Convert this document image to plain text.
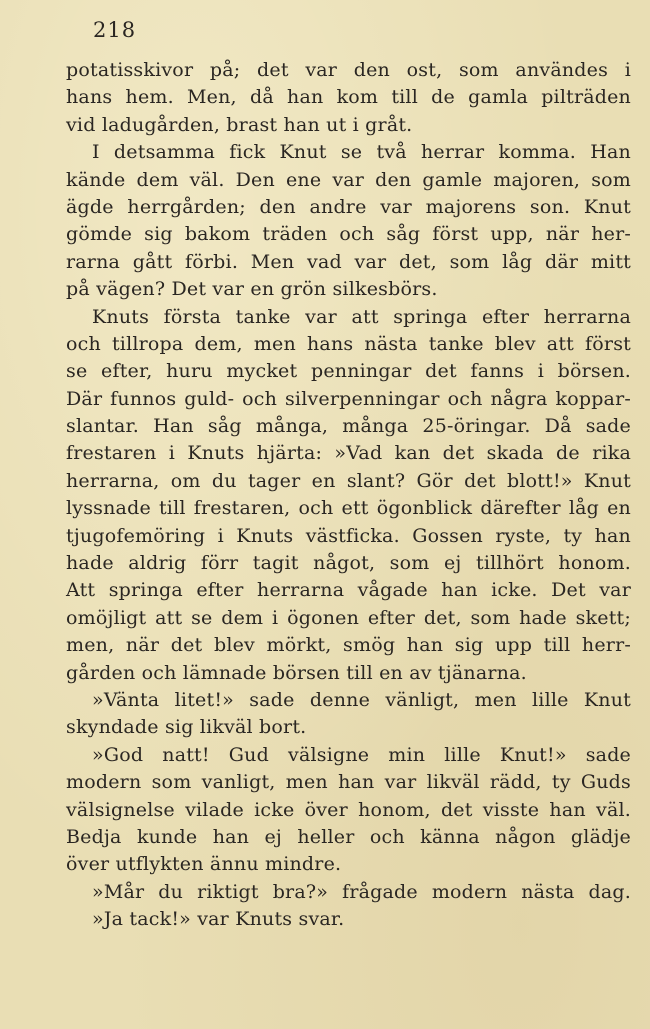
218
potatisskivor på; det var den ost, som användes i
hans hem. Men, då han kom till de gamla pilträden
vid ladugården, brast han ut i gråt.
I detsamma fick Knut se två herrar komma. Han
kände dem väl. Den ene var den gamle majoren, som
ägde herrgården; den andre var majorens son. Knut
gömde sig bakom träden och såg först upp, när her-
rarna gått förbi. Men vad var det, som låg där mitt
på vägen? Det var en grön silkesbörs.
Knuts första tanke var att springa efter herrarna
och tillropa dem, men hans nästa tanke blev att först
se efter, huru mycket penningar det fanns i börsen.
Där funnos guld- och silverpenningar och några koppar-
slantar. Han såg många, många 25-öringar. Då sade
frestaren i Knuts hjärta: »Vad kan det skada de rika
herrarna, om du tager en slant? Gör det blott!» Knut
lyssnade till frestaren, och ett ögonblick därefter låg en
tjugofemöring i Knuts västficka. Gossen ryste, ty han
hade aldrig förr tagit något, som ej tillhört honom.
Att springa efter herrarna vågade han icke. Det var
omöjligt att se dem i ögonen efter det, som hade skett;
men, när det blev mörkt, smög han sig upp till herr-
gården och lämnade börsen till en av tjänarna.
»Vänta litet!» sade denne vänligt, men lille Knut
skyndade sig likväl bort.
»God natt! Gud välsigne min lille Knut!» sade
modern som vanligt, men han var likväl rädd, ty Guds
välsignelse vilade icke över honom, det visste han väl.
Bedja kunde han ej heller och känna någon glädje
över utflykten ännu mindre.
»Mår du riktigt bra?» frågade modern nästa dag.
»Ja tack!» var Knuts svar.
